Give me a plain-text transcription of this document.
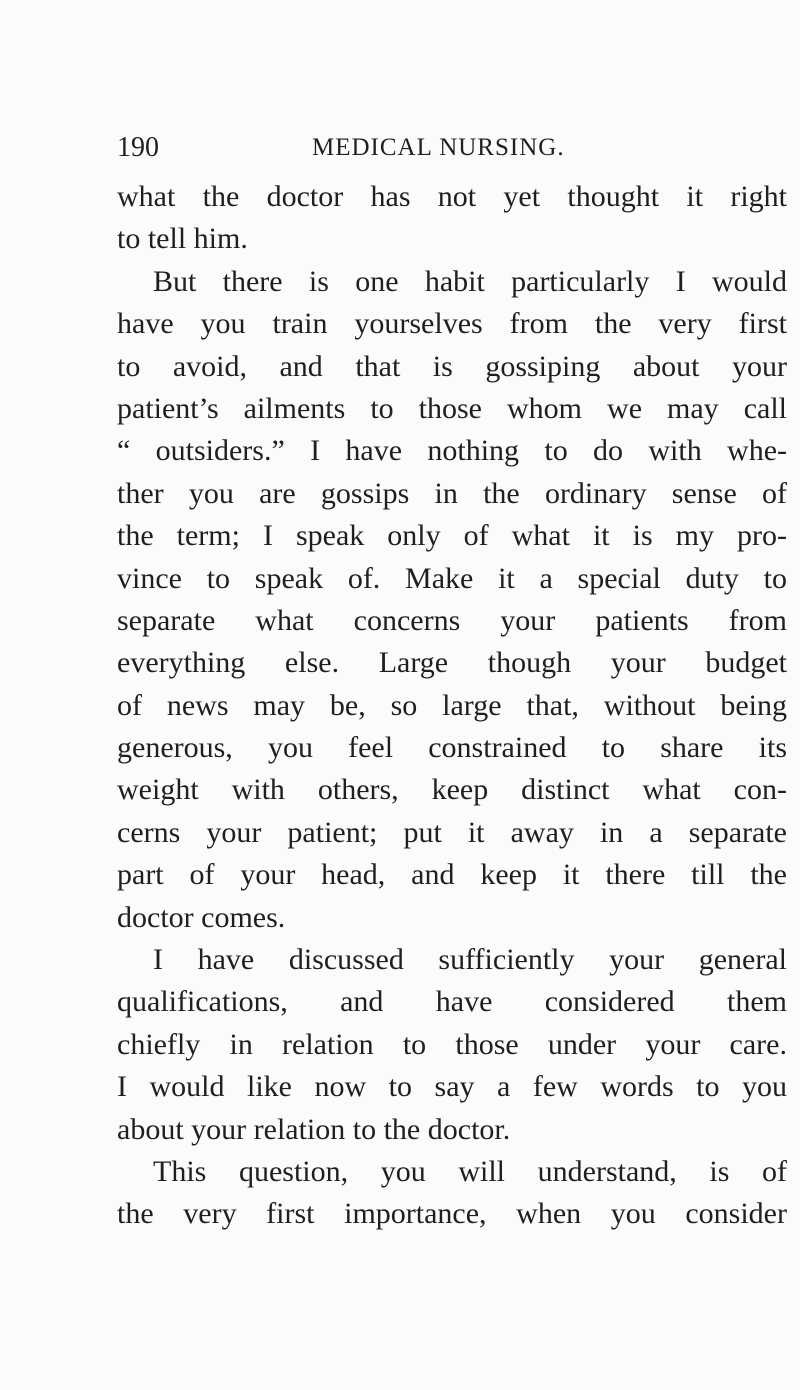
190	MEDICAL NURSING.
what the doctor has not yet thought it right
to tell him.
But there is one habit particularly I would
have you train yourselves from the very first
to avoid, and that is gossiping about your
patient’s ailments to those whom we may call
“ outsiders.” I have nothing to do with whe-
ther you are gossips in the ordinary sense of
the term; I speak only of what it is my pro-
vince to speak of. Make it a special duty to
separate what concerns your patients from
everything else. Large though your budget
of news may be, so large that, without being
generous, you feel constrained to share its
weight with others, keep distinct what con-
cerns your patient; put it away in a separate
part of your head, and keep it there till the
doctor comes.
I have discussed sufficiently your general
qualifications, and have considered them
chiefly in relation to those under your care.
I would like now to say a few words to you
about your relation to the doctor.
This question, you will understand, is of
the very first importance, when you consider
